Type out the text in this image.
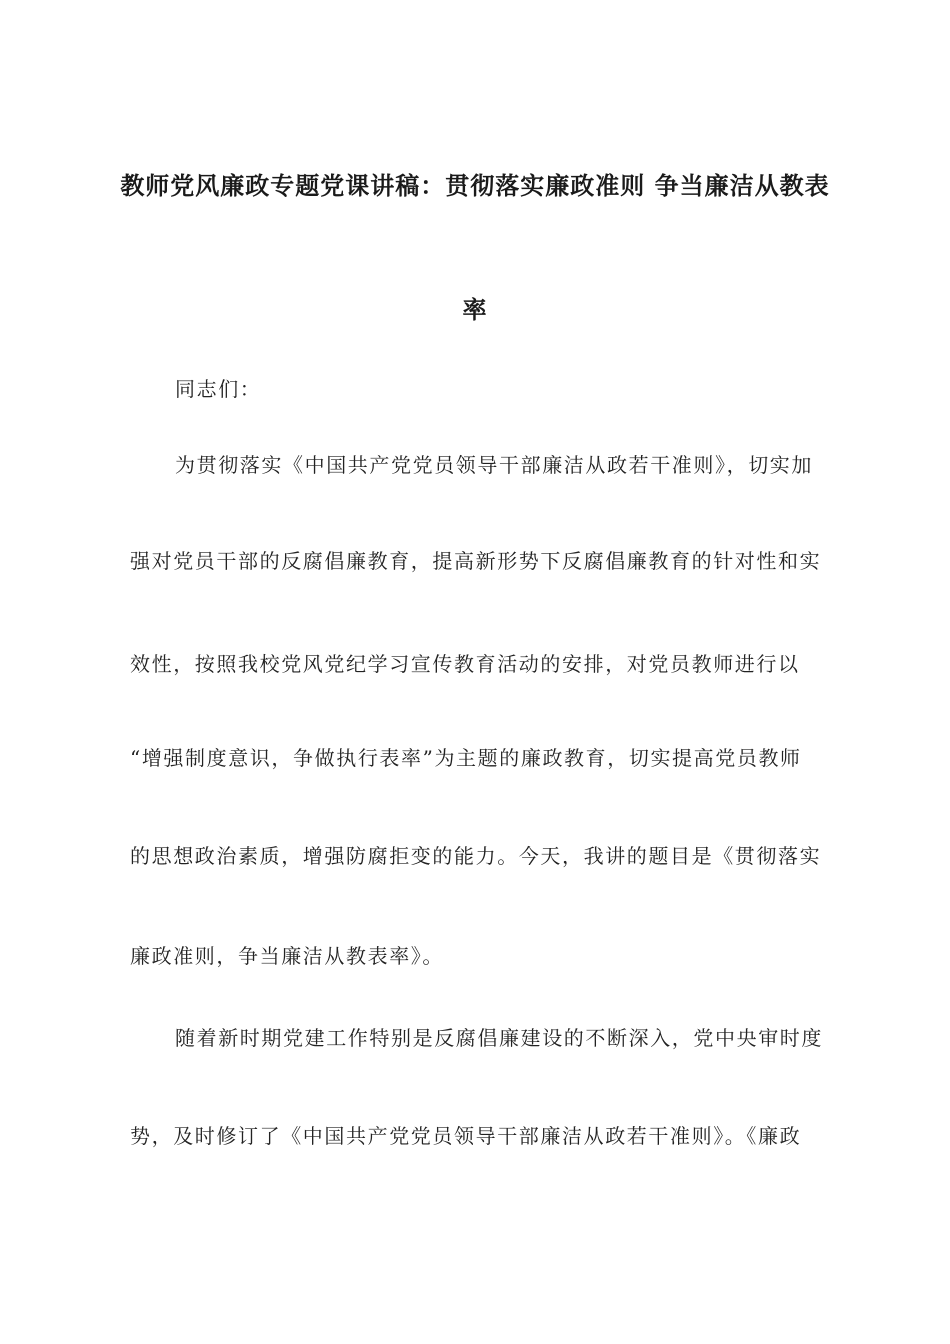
教师党风廉政专题党课讲稿：贯彻落实廉政准则 争当廉洁从教表
率
同志们：
为贯彻落实《中国共产党党员领导干部廉洁从政若干准则》，切实加
强对党员干部的反腐倡廉教育，提高新形势下反腐倡廉教育的针对性和实
效性，按照我校党风党纪学习宣传教育活动的安排，对党员教师进行以
“增强制度意识，争做执行表率”为主题的廉政教育，切实提高党员教师
的思想政治素质，增强防腐拒变的能力。今天，我讲的题目是《贯彻落实
廉政准则，争当廉洁从教表率》。
随着新时期党建工作特别是反腐倡廉建设的不断深入，党中央审时度
势，及时修订了《中国共产党党员领导干部廉洁从政若干准则》。《廉政
